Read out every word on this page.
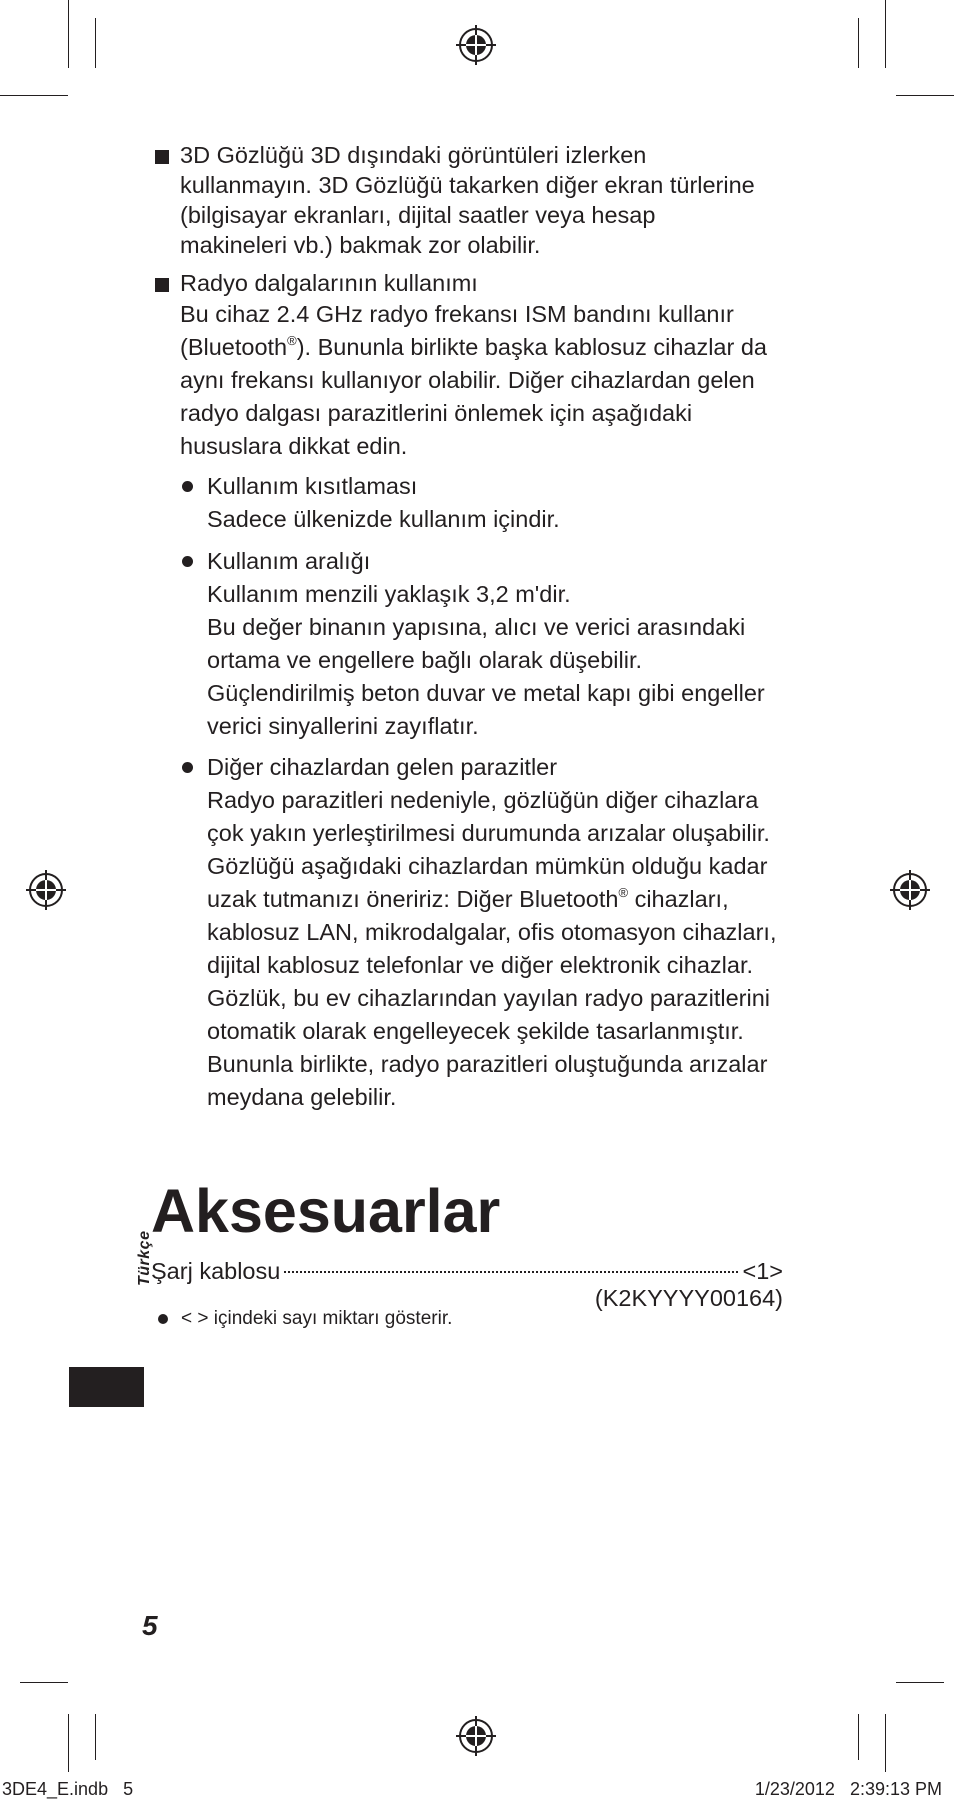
3D Gözlüğü 3D dışındaki görüntüleri izlerken kullanmayın. 3D Gözlüğü takarken diğer ekran türlerine (bilgisayar ekranları, dijital saatler veya hesap makineleri vb.) bakmak zor olabilir.

Radyo dalgalarının kullanımı

Bu cihaz 2.4 GHz radyo frekansı ISM bandını kullanır (Bluetooth®). Bununla birlikte başka kablosuz cihazlar da aynı frekansı kullanıyor olabilir. Diğer cihazlardan gelen radyo dalgası parazitlerini önlemek için aşağıdaki hususlara dikkat edin.

Kullanım kısıtlaması

Sadece ülkenizde kullanım içindir.

Kullanım aralığı

Kullanım menzili yaklaşık 3,2 m'dir.

Bu değer binanın yapısına, alıcı ve verici arasındaki ortama ve engellere bağlı olarak düşebilir. Güçlendirilmiş beton duvar ve metal kapı gibi engeller verici sinyallerini zayıflatır.

Diğer cihazlardan gelen parazitler

Radyo parazitleri nedeniyle, gözlüğün diğer cihazlara çok yakın yerleştirilmesi durumunda arızalar oluşabilir. Gözlüğü aşağıdaki cihazlardan mümkün olduğu kadar uzak tutmanızı öneririz: Diğer Bluetooth® cihazları, kablosuz LAN, mikrodalgalar, ofis otomasyon cihazları, dijital kablosuz telefonlar ve diğer elektronik cihazlar. Gözlük, bu ev cihazlarından yayılan radyo parazitlerini otomatik olarak engelleyecek şekilde tasarlanmıştır. Bununla birlikte, radyo parazitleri oluştuğunda arızalar meydana gelebilir.

Aksesuarlar
Şarj kablosu	<1>
(K2KYYYY00164)
< > içindeki sayı miktarı gösterir.
Türkçe
5
3DE4_E.indb   5	1/23/2012   2:39:13 PM
